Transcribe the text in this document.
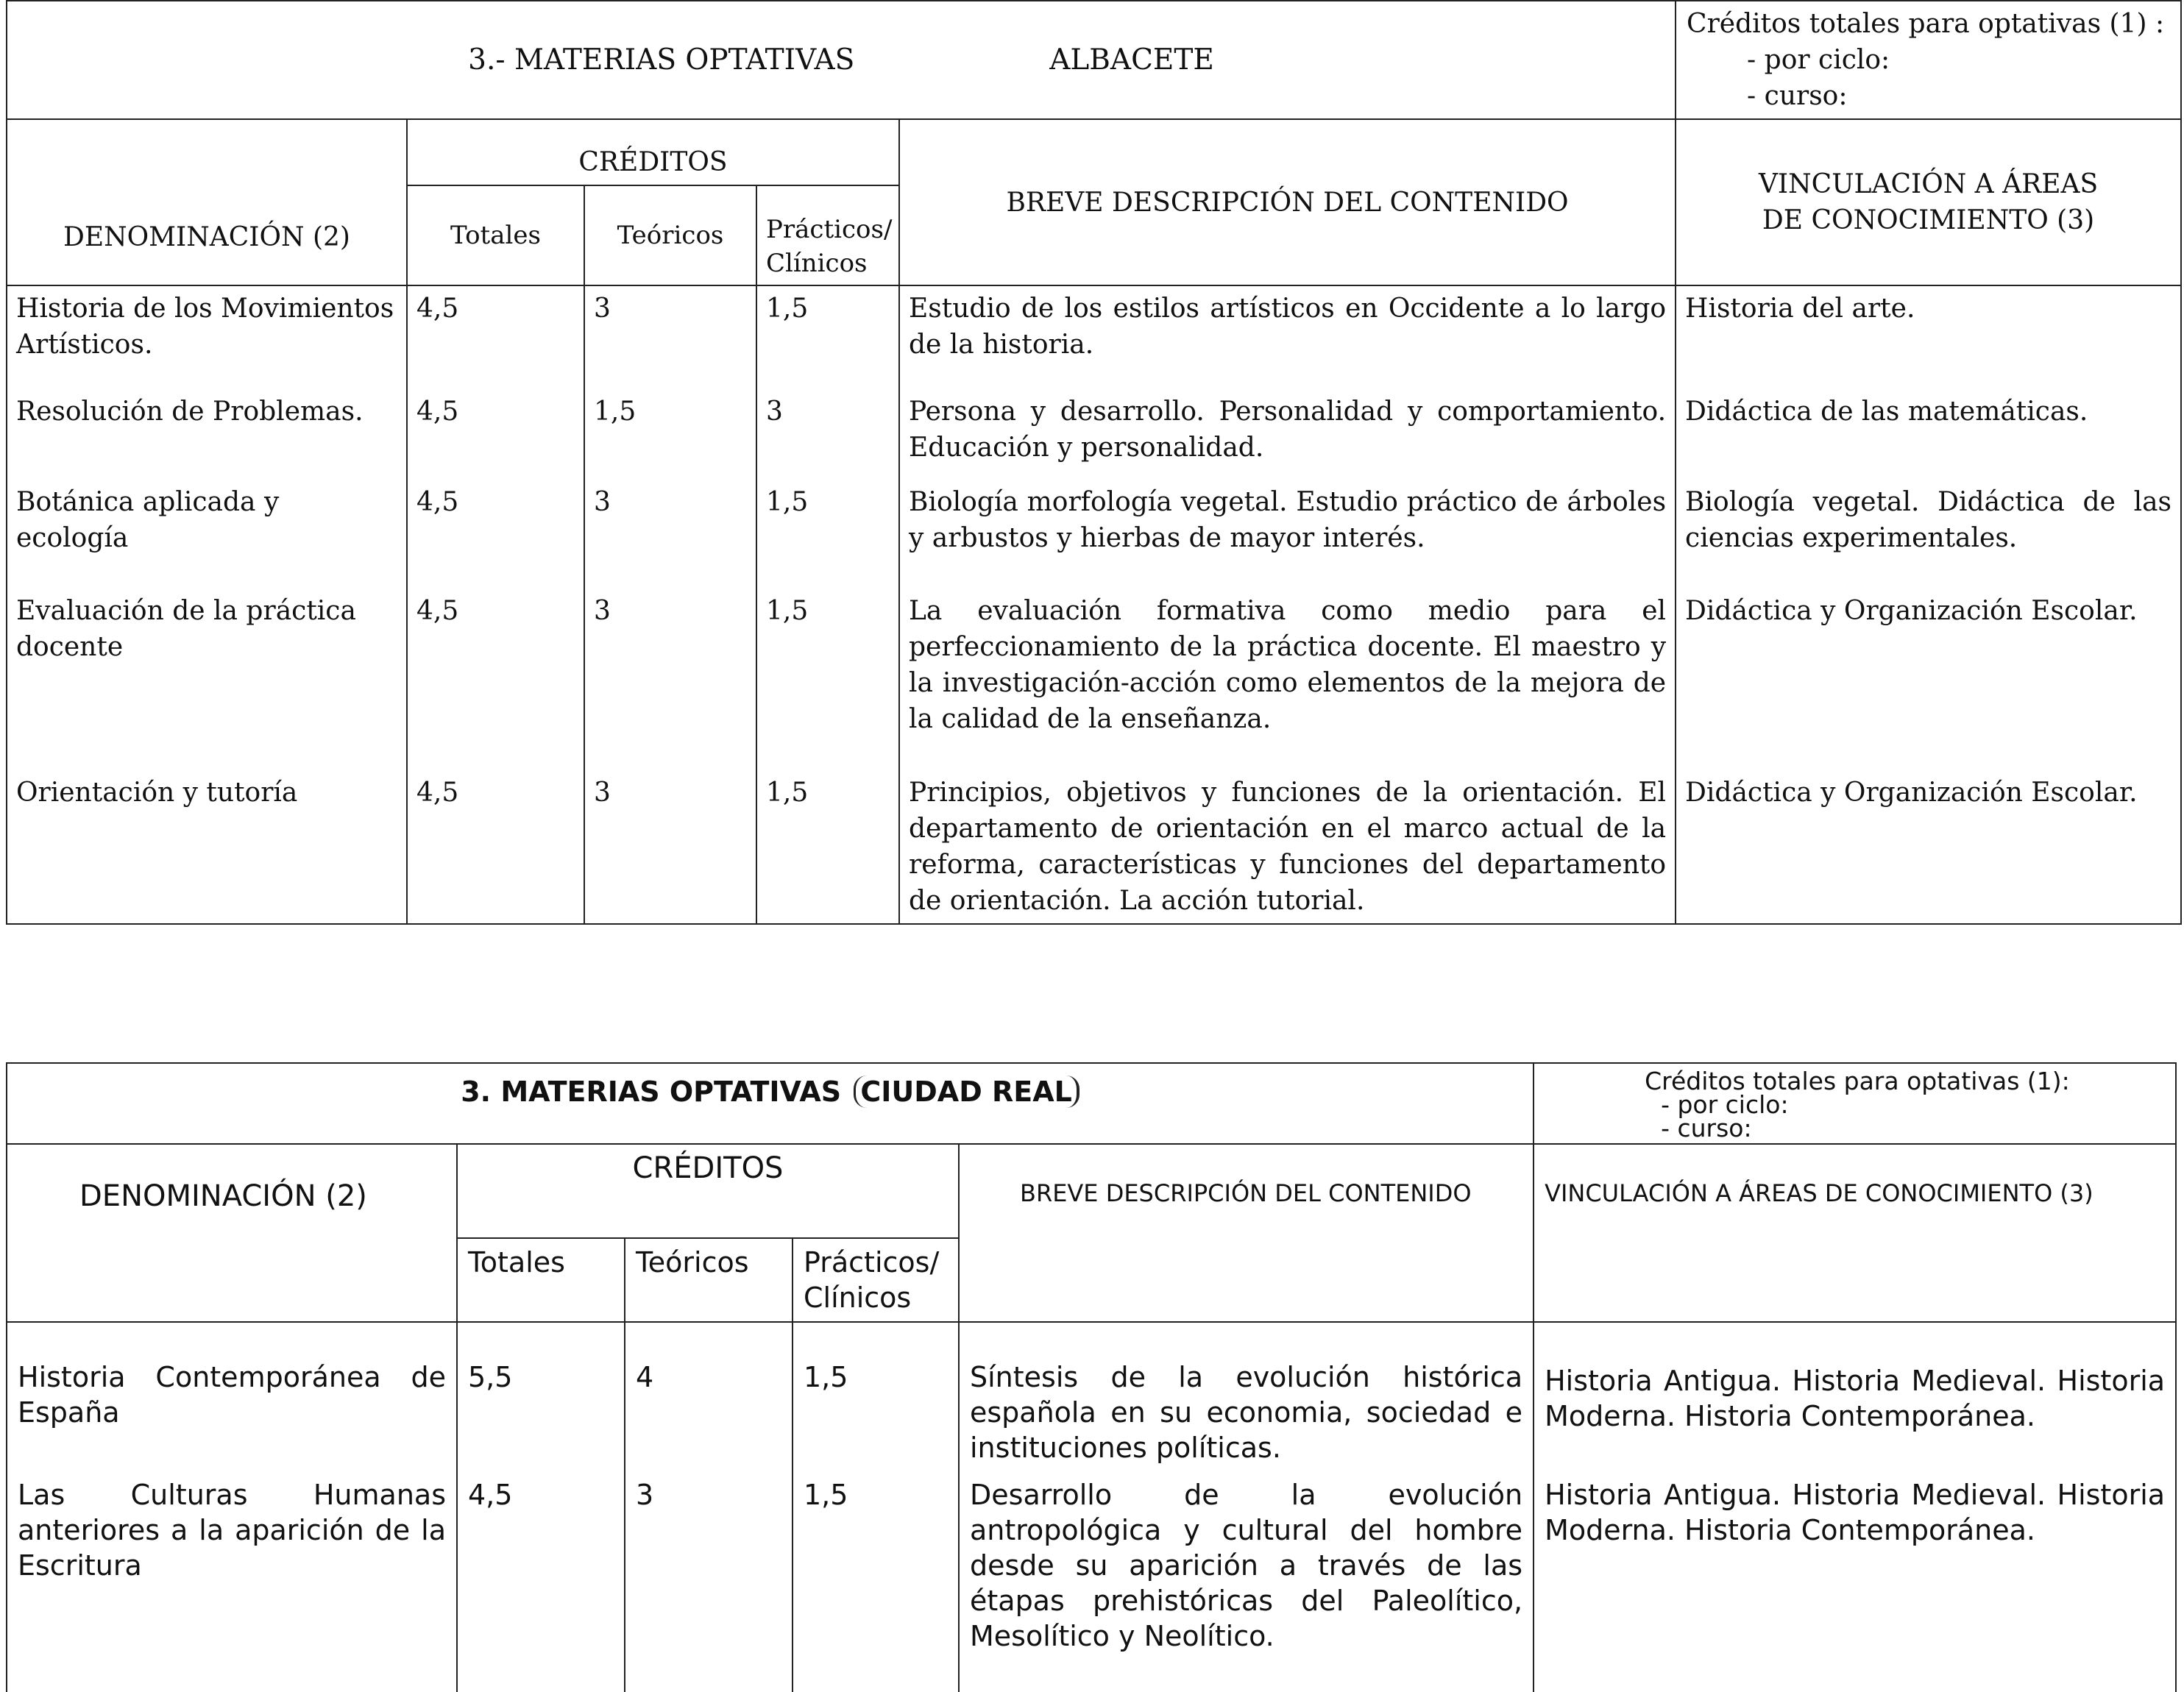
3.- MATERIAS OPTATIVAS ALBACETE					Créditos totales para optativas (1) :
- por ciclo:
- curso:

DENOMINACIÓN (2)	CRÉDITOS			BREVE DESCRIPCIÓN DEL CONTENIDO	VINCULACIÓN A ÁREAS DE CONOCIMIENTO (3)
	Totales	Teóricos	Prácticos/ Clínicos		
Historia de los Movimientos Artísticos.	4,5	3	1,5	Estudio de los estilos artísticos en Occidente a lo largo de la historia.	Historia del arte.
Resolución de Problemas.	4,5	1,5	3	Persona y desarrollo. Personalidad y comportamiento. Educación y personalidad.	Didáctica de las matemáticas.
Botánica aplicada y ecología	4,5	3	1,5	Biología morfología vegetal. Estudio práctico de árboles y arbustos y hierbas de mayor interés.	Biología vegetal. Didáctica de las ciencias experimentales.
Evaluación de la práctica docente	4,5	3	1,5	La evaluación formativa como medio para el perfeccionamiento de la práctica docente. El maestro y la investigación-acción como elementos de la mejora de la calidad de la enseñanza.	Didáctica y Organización Escolar.
Orientación y tutoría	4,5	3	1,5	Principios, objetivos y funciones de la orientación. El departamento de orientación en el marco actual de la reforma, características y funciones del departamento de orientación. La acción tutorial.	Didáctica y Organización Escolar.
3. MATERIAS OPTATIVAS CIUDAD REAL					Créditos totales para optativas (1):
- por ciclo:
- curso:

DENOMINACIÓN (2)	CRÉDITOS			BREVE DESCRIPCIÓN DEL CONTENIDO	VINCULACIÓN A ÁREAS DE CONOCIMIENTO (3)
	Totales	Teóricos	Prácticos/ Clínicos		
Historia Contemporánea de España	5,5	4	1,5	Síntesis de la evolución histórica española en su economia, sociedad e instituciones políticas.	Historia Antigua. Historia Medieval. Historia Moderna. Historia Contemporánea.
Las Culturas Humanas anteriores a la aparición de la Escritura	4,5	3	1,5	Desarrollo de la evolución antropológica y cultural del hombre desde su aparición a través de las étapas prehistóricas del Paleolítico, Mesolítico y Neolítico.	Historia Antigua. Historia Medieval. Historia Moderna. Historia Contemporánea.
